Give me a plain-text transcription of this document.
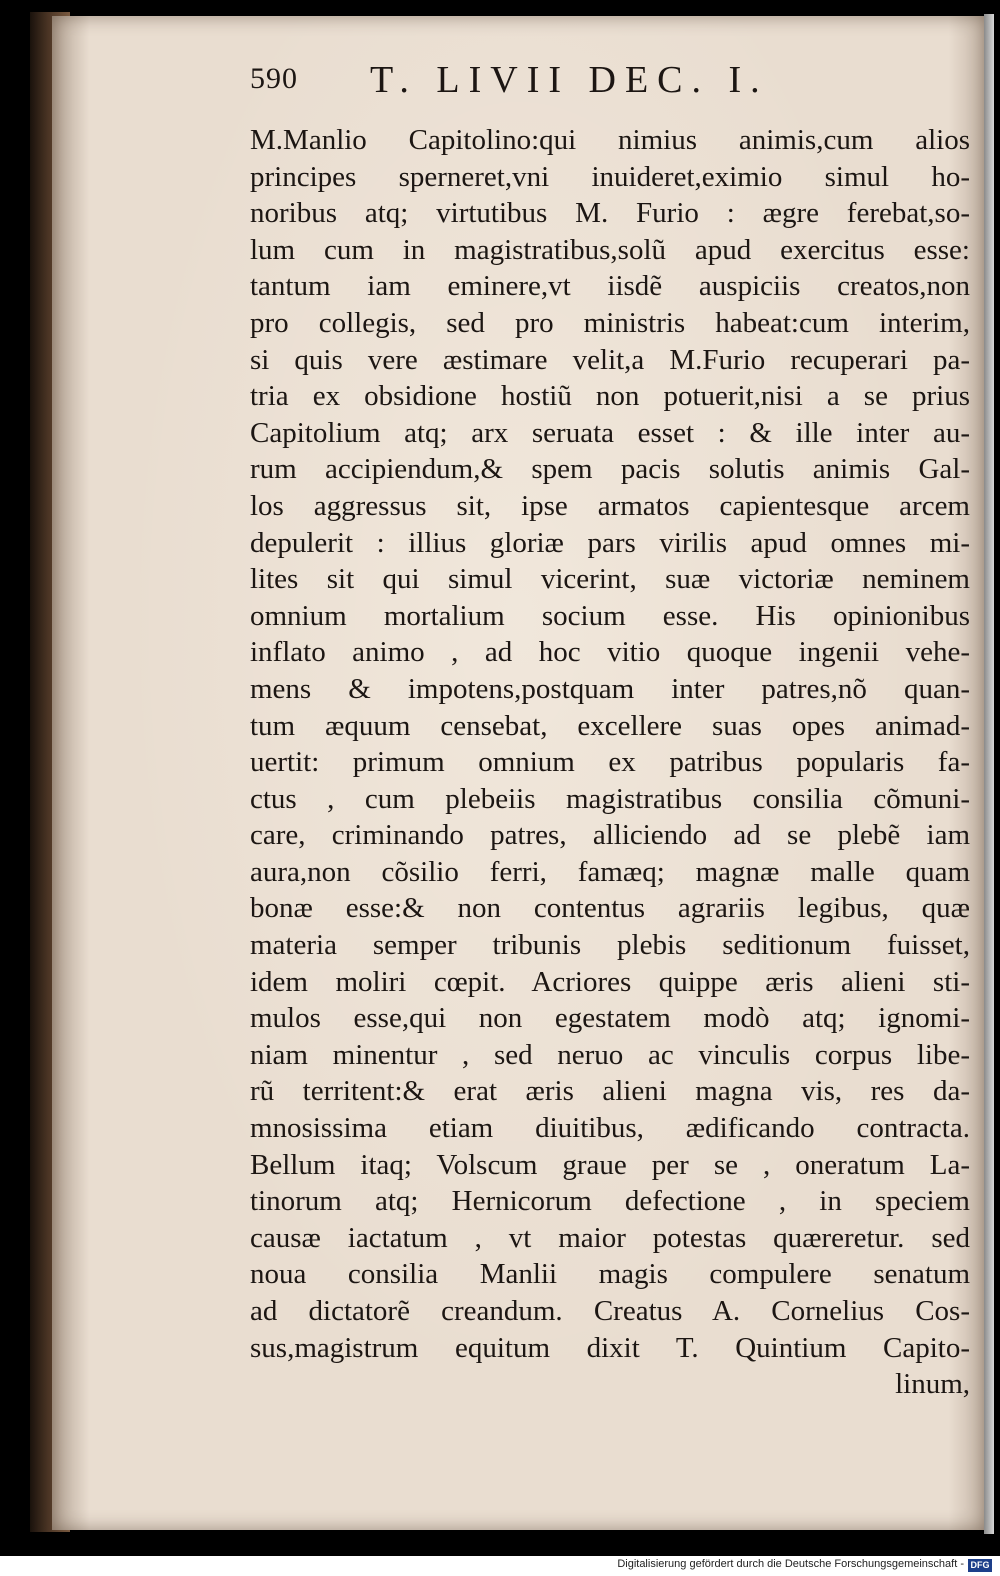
590 T. LIVII DEC. I.
M.Manlio Capitolino:qui nimius animis,cum alios
principes sperneret,vni inuideret,eximio simul ho-
noribus atq; virtutibus M. Furio : ægre ferebat,so-
lum cum in magistratibus,solũ apud exercitus esse:
tantum iam eminere,vt iisdẽ auspiciis creatos,non
pro collegis, sed pro ministris habeat:cum interim,
si quis vere æstimare velit,a M.Furio recuperari pa-
tria ex obsidione hostiũ non potuerit,nisi a se prius
Capitolium atq; arx seruata esset : & ille inter au-
rum accipiendum,& spem pacis solutis animis Gal-
los aggressus sit, ipse armatos capientesque arcem
depulerit : illius gloriæ pars virilis apud omnes mi-
lites sit qui simul vicerint, suæ victoriæ neminem
omnium mortalium socium esse. His opinionibus
inflato animo , ad hoc vitio quoque ingenii vehe-
mens & impotens,postquam inter patres,nõ quan-
tum æquum censebat, excellere suas opes animad-
uertit: primum omnium ex patribus popularis fa-
ctus , cum plebeiis magistratibus consilia cõmuni-
care, criminando patres, alliciendo ad se plebẽ iam
aura,non cõsilio ferri, famæq; magnæ malle quam
bonæ esse:& non contentus agrariis legibus, quæ
materia semper tribunis plebis seditionum fuisset,
idem moliri cœpit. Acriores quippe æris alieni sti-
mulos esse,qui non egestatem modò atq; ignomi-
niam minentur , sed neruo ac vinculis corpus libe-
rũ territent:& erat æris alieni magna vis, res da-
mnosissima etiam diuitibus, ædificando contracta.
Bellum itaq; Volscum graue per se , oneratum La-
tinorum atq; Hernicorum defectione , in speciem
causæ iactatum , vt maior potestas quæreretur. sed
noua consilia Manlii magis compulere senatum
ad dictatorẽ creandum. Creatus A. Cornelius Cos-
sus,magistrum equitum dixit T. Quintium Capito-
linum,
Digitalisierung gefördert durch die Deutsche Forschungsgemeinschaft - DFG
